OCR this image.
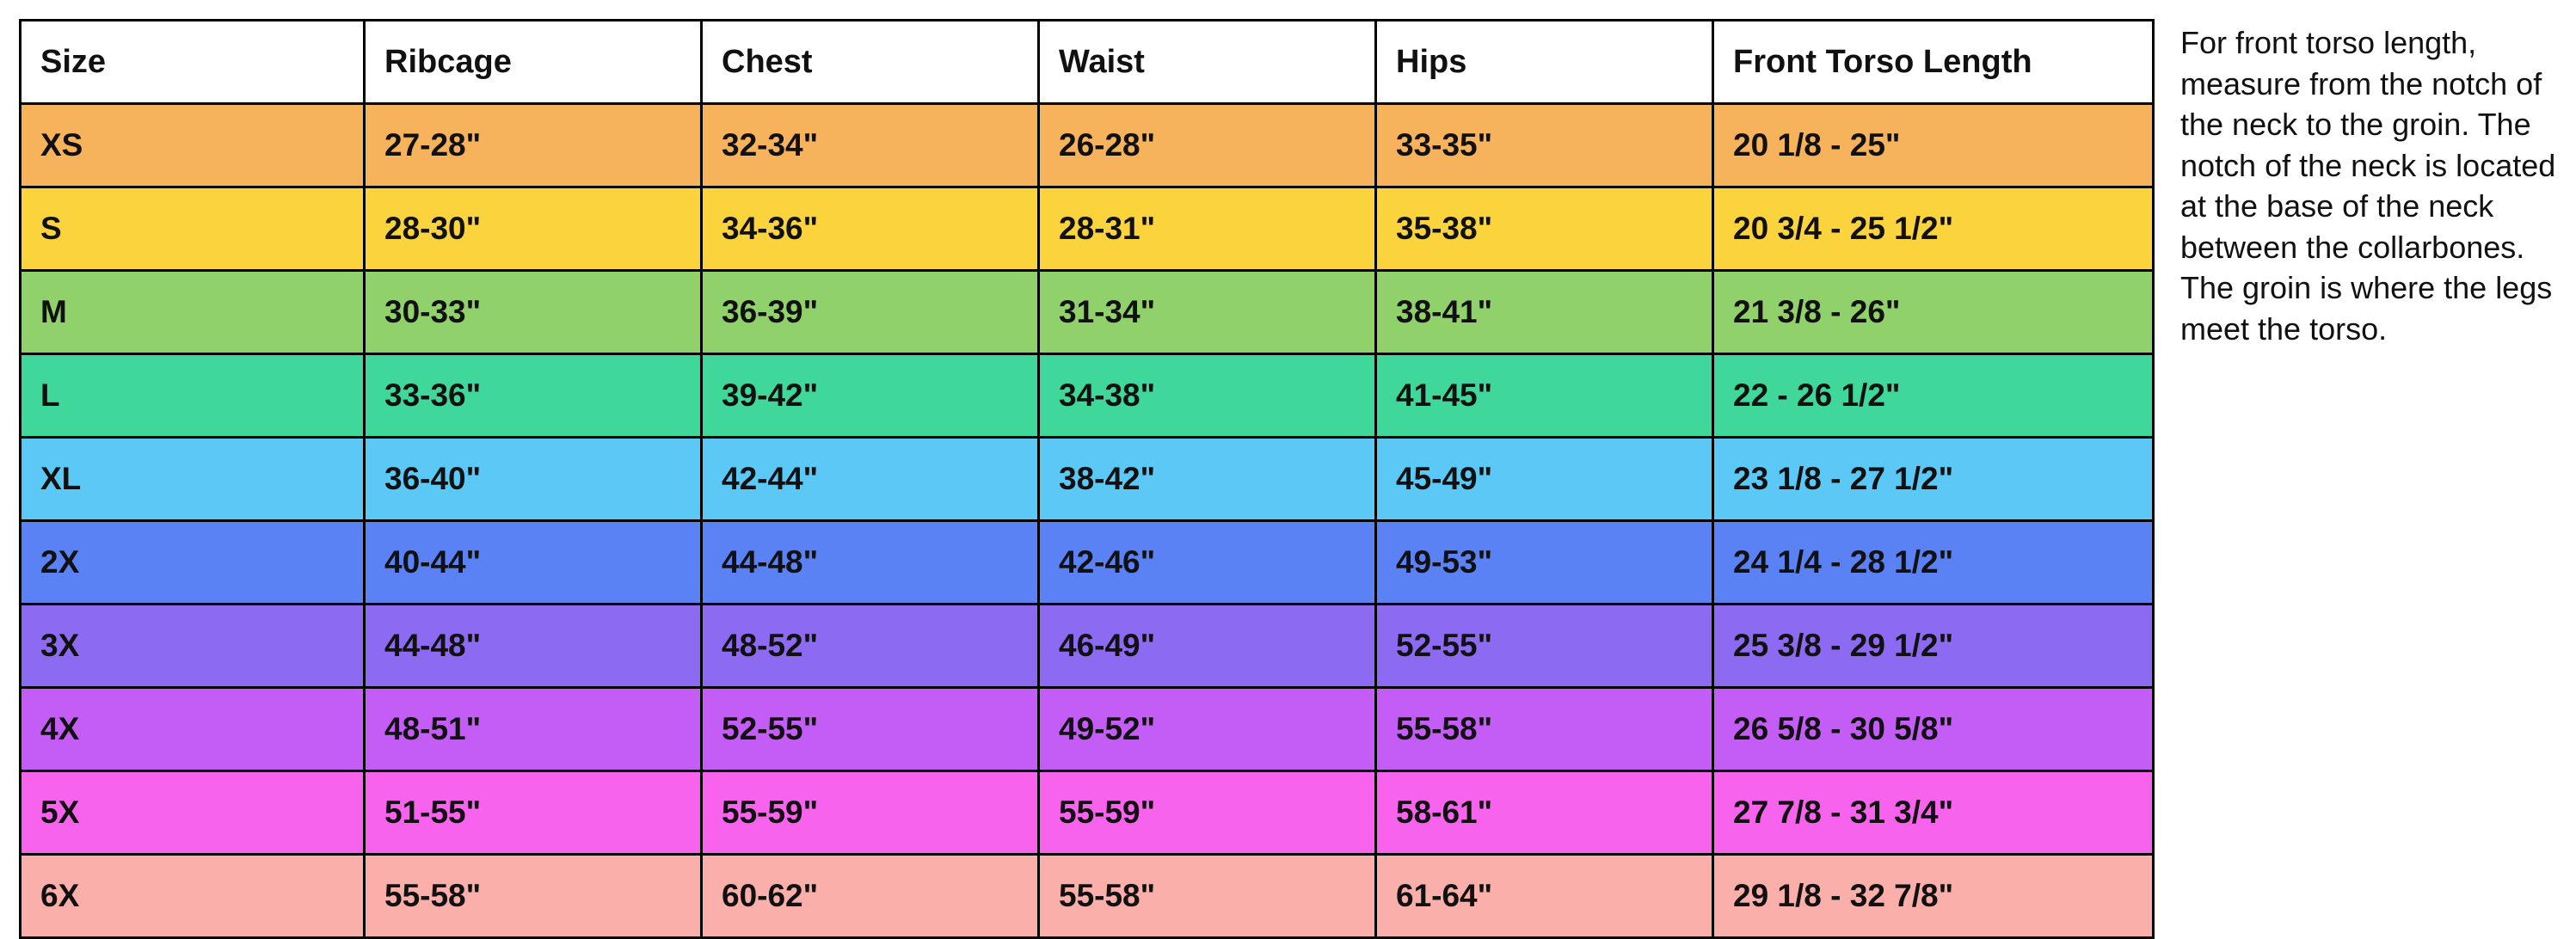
Size	Ribcage	Chest	Waist	Hips	Front Torso Length
XS	27-28"	32-34"	26-28"	33-35"	20 1/8 - 25"
S	28-30"	34-36"	28-31"	35-38"	20 3/4 - 25 1/2"
M	30-33"	36-39"	31-34"	38-41"	21 3/8 - 26"
L	33-36"	39-42"	34-38"	41-45"	22 - 26 1/2"
XL	36-40"	42-44"	38-42"	45-49"	23 1/8 - 27 1/2"
2X	40-44"	44-48"	42-46"	49-53"	24 1/4 - 28 1/2"
3X	44-48"	48-52"	46-49"	52-55"	25 3/8 - 29 1/2"
4X	48-51"	52-55"	49-52"	55-58"	26 5/8 - 30 5/8"
5X	51-55"	55-59"	55-59"	58-61"	27 7/8 - 31 3/4"
6X	55-58"	60-62"	55-58"	61-64"	29 1/8 - 32 7/8"
For front torso length, measure from the notch of the neck to the groin. The notch of the neck is located at the base of the neck between the collarbones. The groin is where the legs meet the torso.
